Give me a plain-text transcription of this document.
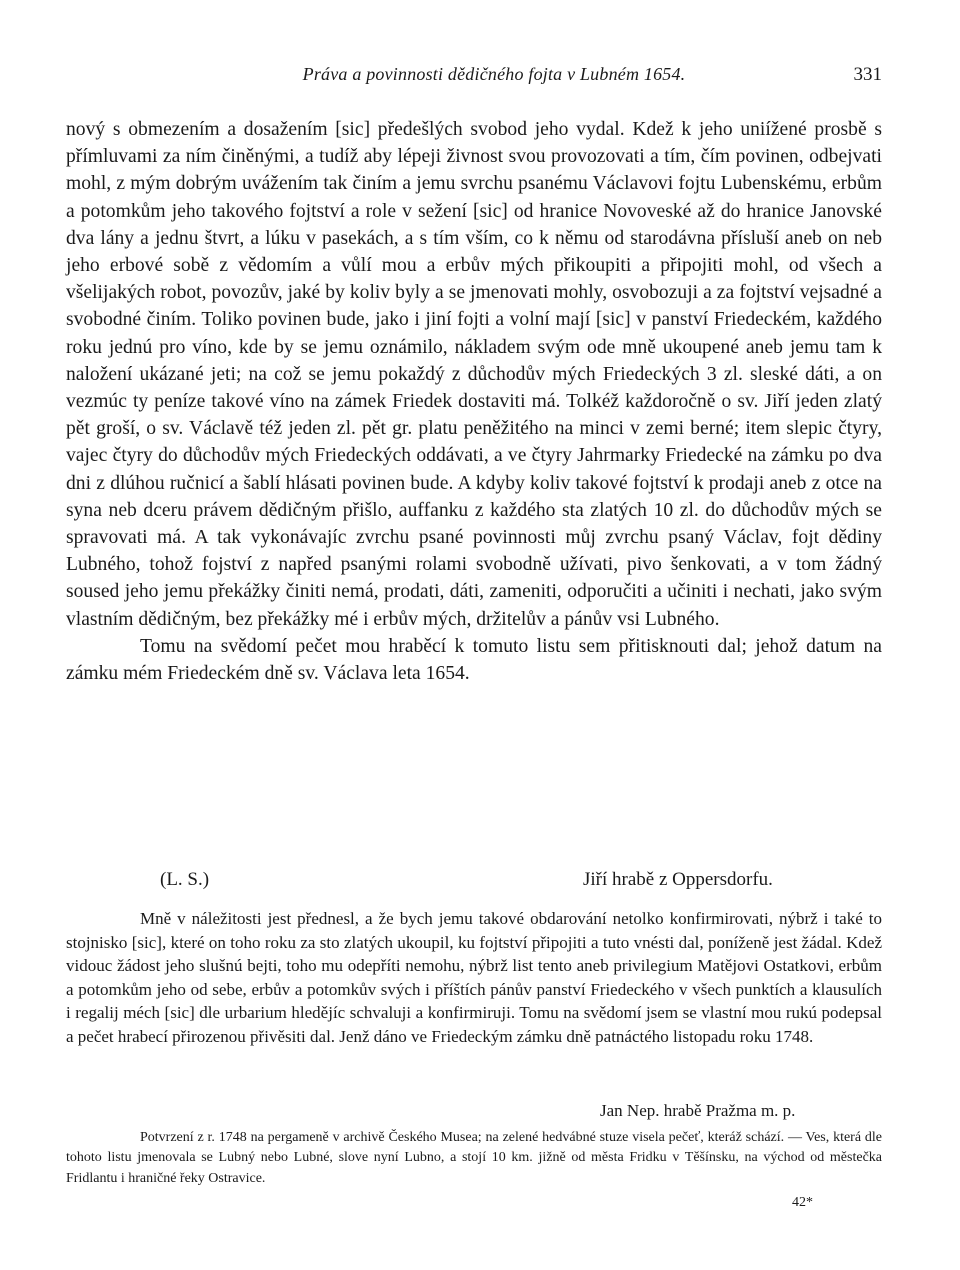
Práva a povinnosti dědičného fojta v Lubném 1654.	331

nový s obmezením a dosažením [sic] předešlých svobod jeho vydal. Kdež k jeho uniížené prosbě s přímluvami za ním činěnými, a tudíž aby lépeji živnost svou provozovati a tím, čím povinen, odbejvati mohl, z mým dobrým uvážením tak činím a jemu svrchu psanému Václavovi fojtu Lubenskému, erbům a potomkům jeho takového fojtství a role v sežení [sic] od hranice Novoveské až do hranice Janovské dva lány a jednu štvrt, a lúku v pasekách, a s tím vším, co k němu od starodávna přísluší aneb on neb jeho erbové sobě z vědomím a vůlí mou a erbův mých přikoupiti a připojiti mohl, od všech a všelijakých robot, povozův, jaké by koliv byly a se jmenovati mohly, osvobozuji a za fojtství vejsadné a svobodné činím. Toliko povinen bude, jako i jiní fojti a volní mají [sic] v panství Friedeckém, každého roku jednú pro víno, kde by se jemu oznámilo, nákladem svým ode mně ukoupené aneb jemu tam k naložení ukázané jeti; na což se jemu pokaždý z důchodův mých Friedeckých 3 zl. sleské dáti, a on vezmúc ty peníze takové víno na zámek Friedek dostaviti má. Tolkéž každoročně o sv. Jiří jeden zlatý pět groší, o sv. Václavě též jeden zl. pět gr. platu peněžitého na minci v zemi berné; item slepic čtyry, vajec čtyry do důchodův mých Friedeckých oddávati, a ve čtyry Jahrmarky Friedecké na zámku po dva dni z dlúhou ručnicí a šablí hlásati povinen bude. A kdyby koliv takové fojtství k prodaji aneb z otce na syna neb dceru právem dědičným přišlo, auffanku z každého sta zlatých 10 zl. do důchodův mých se spravovati má. A tak vykonávajíc zvrchu psané povinnosti můj zvrchu psaný Václav, fojt dědiny Lubného, tohož fojství z napřed psanými rolami svobodně užívati, pivo šenkovati, a v tom žádný soused jeho jemu překážky činiti nemá, prodati, dáti, zameniti, odporučiti a učiniti i nechati, jako svým vlastním dědičným, bez překážky mé i erbův mých, držitelův a pánův vsi Lubného.

Tomu na svědomí pečet mou hraběcí k tomuto listu sem přitisknouti dal; jehož datum na zámku mém Friedeckém dně sv. Václava leta 1654.

(L. S.)	Jiří hrabě z Oppersdorfu.

Mně v náležitosti jest přednesl, a že bych jemu takové obdarování netolko konfirmirovati, nýbrž i také to stojnisko [sic], které on toho roku za sto zlatých ukoupil, ku fojtství připojiti a tuto vnésti dal, poníženě jest žádal. Kdež vidouc žádost jeho slušnú bejti, toho mu odepříti nemohu, nýbrž list tento aneb privilegium Matějovi Ostatkovi, erbům a potomkům jeho od sebe, erbův a potomkův svých i příštích pánův panství Friedeckého v všech punktích a klausulích i regalij méch [sic] dle urbarium hledějíc schvaluji a konfirmiruji. Tomu na svědomí jsem se vlastní mou rukú podepsal a pečet hrabecí přirozenou přivěsiti dal. Jenž dáno ve Friedeckým zámku dně patnáctého listopadu roku 1748.

Jan Nep. hrabě Pražma m. p.

Potvrzení z r. 1748 na pergameně v archivě Českého Musea; na zelené hedvábné stuze visela pečeť, kteráž schází. — Ves, která dle tohoto listu jmenovala se Lubný nebo Lubné, slove nyní Lubno, a stojí 10 km. jižně od města Fridku v Těšínsku, na východ od městečka Fridlantu i hraničné řeky Ostravice.

42*
